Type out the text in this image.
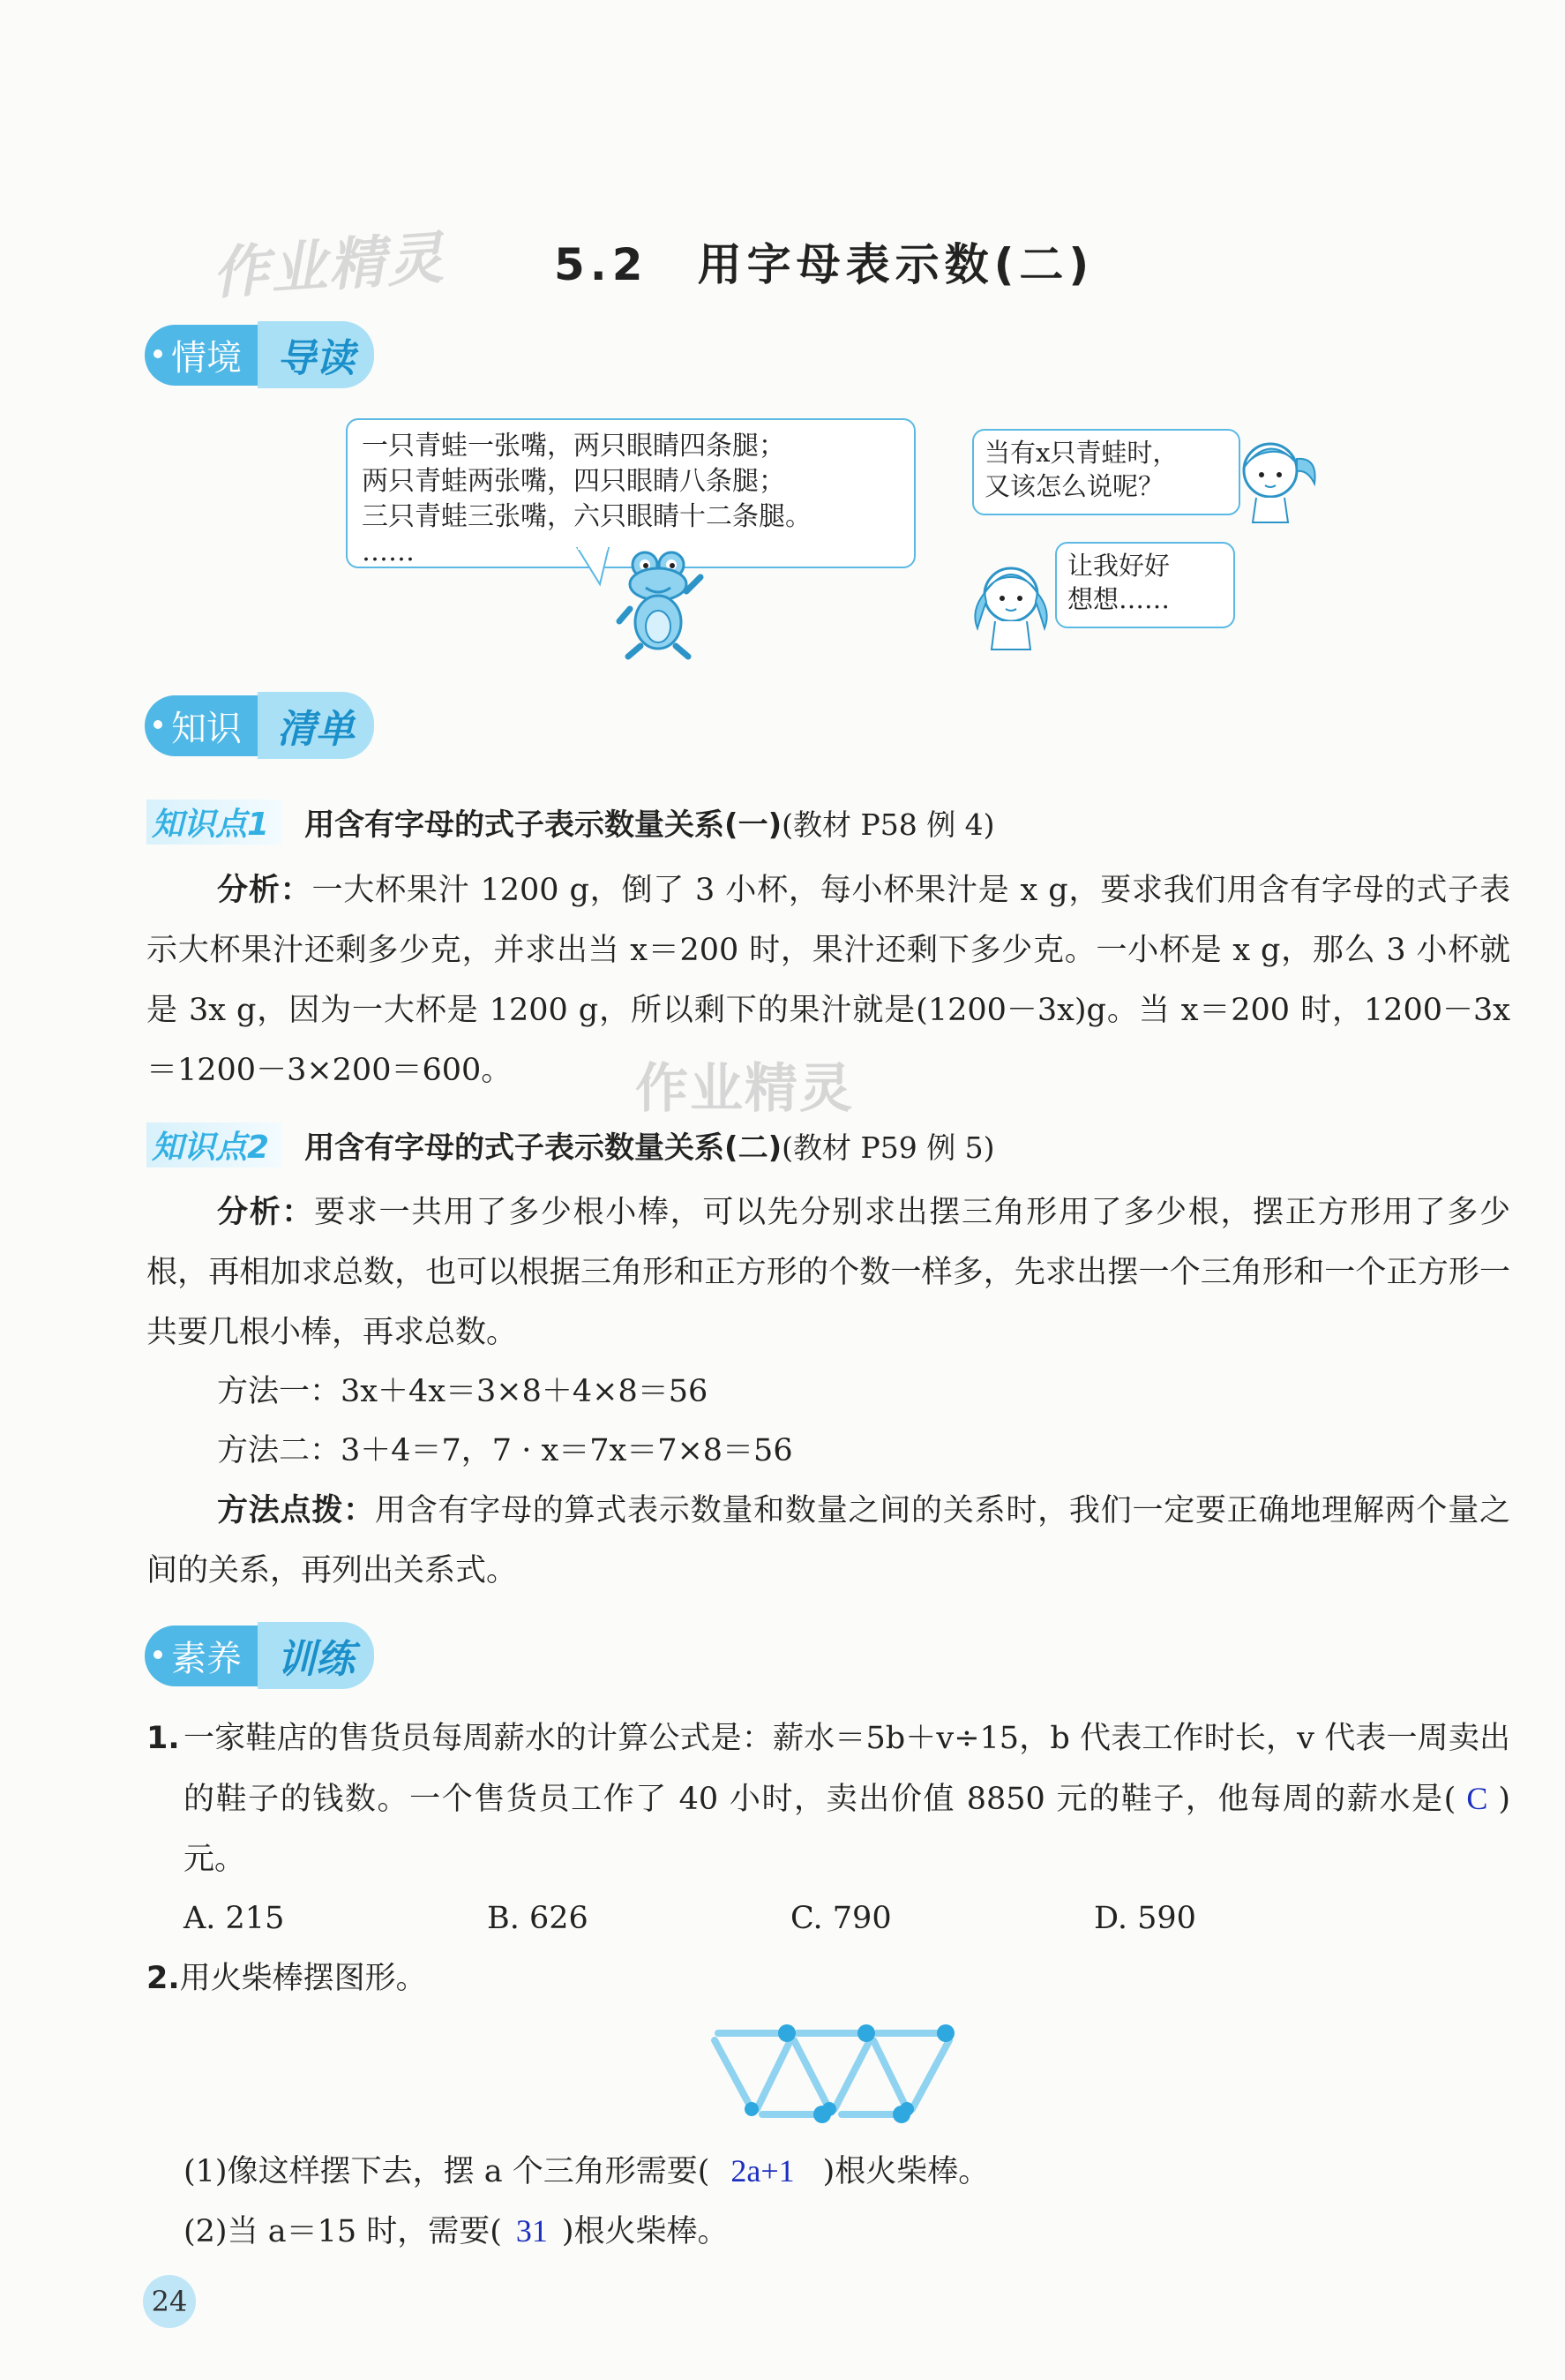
作业精灵 5.2　用字母表示数(二)
情境 导读
一只青蛙一张嘴，两只眼睛四条腿；
两只青蛙两张嘴，四只眼睛八条腿；
三只青蛙三张嘴，六只眼睛十二条腿。
……
当有x只青蛙时，
又该怎么说呢？
让我好好
想想……
知识 清单
知识点1	用含有字母的式子表示数量关系(一)(教材 P58 例 4)
分析：一大杯果汁 1200 g，倒了 3 小杯，每小杯果汁是 x g，要求我们用含有字母的式子表示大杯果汁还剩多少克，并求出当 x＝200 时，果汁还剩下多少克。一小杯是 x g，那么 3 小杯就是 3x g，因为一大杯是 1200 g，所以剩下的果汁就是(1200－3x)g。当 x＝200 时，1200－3x＝1200－3×200＝600。	作业精灵
知识点2	用含有字母的式子表示数量关系(二)(教材 P59 例 5)
分析：要求一共用了多少根小棒，可以先分别求出摆三角形用了多少根，摆正方形用了多少根，再相加求总数，也可以根据三角形和正方形的个数一样多，先求出摆一个三角形和一个正方形一共要几根小棒，再求总数。
方法一：3x＋4x＝3×8＋4×8＝56
方法二：3＋4＝7，7 · x＝7x＝7×8＝56
方法点拨：用含有字母的算式表示数量和数量之间的关系时，我们一定要正确地理解两个量之间的关系，再列出关系式。
素养 训练
1. 一家鞋店的售货员每周薪水的计算公式是：薪水＝5b＋v÷15，b 代表工作时长，v 代表一周卖出的鞋子的钱数。一个售货员工作了 40 小时，卖出价值 8850 元的鞋子，他每周的薪水是( C )元。
A. 215	B. 626	C. 790	D. 590
2.用火柴棒摆图形。
(1)像这样摆下去，摆 a 个三角形需要( 2a+1 )根火柴棒。
(2)当 a＝15 时，需要( 31 )根火柴棒。
24
